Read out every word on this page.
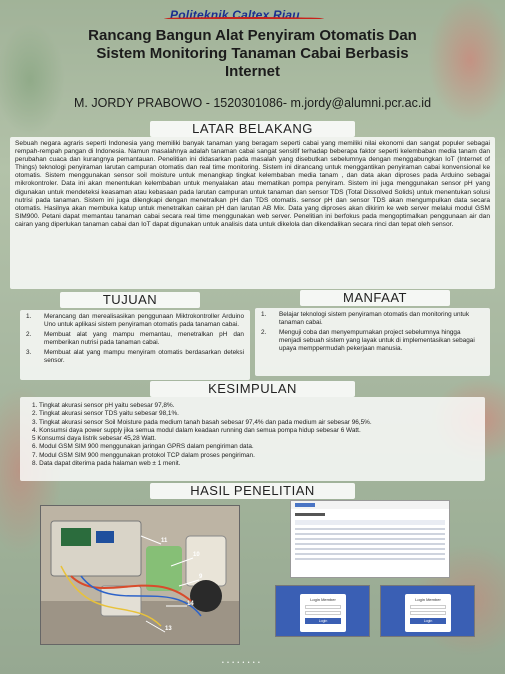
Politeknik Caltex Riau
Rancang Bangun Alat Penyiram Otomatis Dan
Sistem Monitoring Tanaman Cabai Berbasis
Internet
M. JORDY PRABOWO - 1520301086- m.jordy@alumni.pcr.ac.id
LATAR BELAKANG
Sebuah negara agraris seperti Indonesia yang memiliki banyak tanaman yang beragam seperti cabai yang memiliki nilai ekonomi dan sangat populer sebagai rempah-rempah pangan di Indonesia. Namun masalahnya adalah tanaman cabai sangat sensitif terhadap beberapa faktor seperti kelembaban media tanam dan perubahan cuaca dan kurangnya pemantauan. Penelitian ini didasarkan pada masalah yang disebutkan sebelumnya dengan menggabungkan IoT (Internet of Things) teknologi penyiraman larutan campuran otomatis dan real time monitoring. Sistem ini dirancang untuk menggantikan penyiraman cabai konvensional ke otomatis. Sistem menggunakan sensor soil moisture untuk menangkap tingkat kelembaban media tanam , dan data akan diproses pada Arduino sebagai mikrokontroler. Data ini akan menentukan kelembaban untuk menyalakan atau mematikan pompa penyiram. Sistem ini juga menggunakan sensor pH yang digunakan untuk mendeteksi keasaman atau kebasaan pada larutan campuran untuk tanaman dan sensor TDS (Total Dissolved Solids) untuk menentukan solusi nutrisi pada tanaman. Sistem ini juga dilengkapi dengan menetralkan pH dan TDS otomatis. sensor pH dan sensor TDS akan mengumpulkan data secara otomatis. Hasilnya akan membuka katup untuk menetralkan cairan pH dan larutan AB Mix. Data yang diproses akan dikirim ke web server melalui modul GSM SIM900. Petani dapat memantau tanaman cabai secara real time menggunakan web server. Penelitian ini berfokus pada mengoptimalkan penggunaan air dan cairan yang diperlukan tanaman cabai dan IoT dapat digunakan untuk analisis data untuk dikelola dan dikendalikan secara rinci dan tepat oleh sensor.
TUJUAN
1.	Merancang dan merealisasikan penggunaan Miktrokontroller Arduino Uno untuk aplikasi sistem penyiraman otomatis pada tanaman cabai.
2.	Membuat alat yang mampu memantau, menetralkan pH dan memberikan nutrisi pada tanaman cabai.
3.	Membuat alat yang mampu menyiram otomatis berdasarkan deteksi sensor.
MANFAAT
1.	Belajar teknologi sistem penyiraman otomatis dan monitoring untuk tanaman cabai.
2.	Menguji coba dan menyempurnakan project sebelumnya hingga menjadi sebuah sistem yang layak untuk di implementasikan sebagai upaya memppermudah pekerjaan manusia.
KESIMPULAN
1. Tingkat akurasi sensor pH yaitu sebesar 97,8%.
2. Tingkat akurasi sensor TDS yaitu sebesar 98,1%.
3. Tingkat akurasi sensor Soil Moisture pada medium tanah basah sebesar 97,4% dan pada medium air sebesar 96,5%.
4. Konsumsi daya power supply jika semua modul dalam keadaan running dan semua pompa hidup sebesar 6 Watt.
5 Konsumsi daya listrik sebesar 45,28 Watt.
6. Modul GSM SIM 900 menggunakan jaringan GPRS dalam pengiriman data.
7. Modul GSM SIM 900 menggunakan protokol TCP dalam proses pengiriman.
8. Data dapat diterima pada halaman web ± 1 menit.
HASIL PENELITIAN
11
10
9
14
13
Login Member
Login
Login Member
Login
• • • • • • • •
